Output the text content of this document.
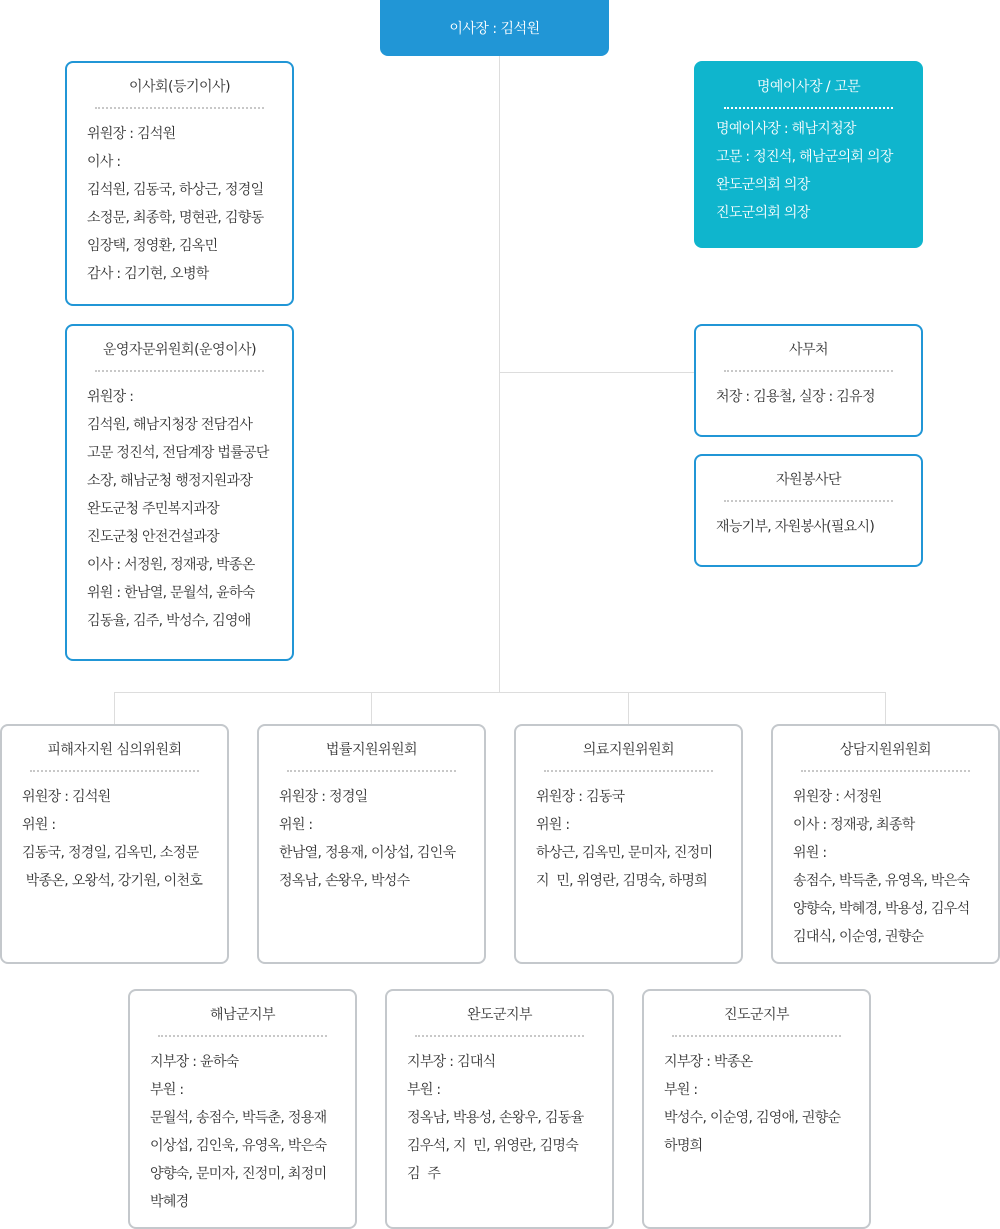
이사장 : 김석원
이사회(등기이사)
위원장 : 김석원
이사 :
김석원, 김동국, 하상근, 정경일
소정문, 최종학, 명현관, 김향동
임장택, 정영환, 김옥민
감사 : 김기현, 오병학
운영자문위원회(운영이사)
위원장 :
김석원, 해남지청장 전담검사
고문 정진석, 전담계장 법률공단
소장, 해남군청 행정지원과장
완도군청 주민복지과장
진도군청 안전건설과장
이사 : 서정원, 정재광, 박종온
위원 : 한남열, 문월석, 윤하숙
김동율, 김주, 박성수, 김영애
명예이사장 / 고문
명예이사장 : 해남지청장
고문 : 정진석, 해남군의회 의장
완도군의회 의장
진도군의회 의장
사무처
처장 : 김용철, 실장 : 김유정
자원봉사단
재능기부, 자원봉사(필요시)
피해자지원 심의위원회
위원장 : 김석원
위원 :
김동국, 정경일, 김옥민, 소정문
박종온, 오왕석, 강기원, 이천호
법률지원위원회
위원장 : 정경일
위원 :
한남열, 정용재, 이상섭, 김인욱
정옥남, 손왕우, 박성수
의료지원위원회
위원장 : 김동국
위원 :
하상근, 김옥민, 문미자, 진정미
지  민, 위영란, 김명숙, 하명희
상담지원위원회
위원장 : 서정원
이사 : 정재광, 최종학
위원 :
송점수, 박득춘, 유영옥, 박은숙
양향숙, 박혜경, 박용성, 김우석
김대식, 이순영, 권향순
해남군지부
지부장 : 윤하숙
부원 :
문월석, 송점수, 박득춘, 정용재
이상섭, 김인욱, 유영옥, 박은숙
양향숙, 문미자, 진정미, 최정미
박혜경
완도군지부
지부장 : 김대식
부원 :
정옥남, 박용성, 손왕우, 김동율
김우석, 지  민, 위영란, 김명숙
김  주
진도군지부
지부장 : 박종온
부원 :
박성수, 이순영, 김영애, 권향순
하명희
